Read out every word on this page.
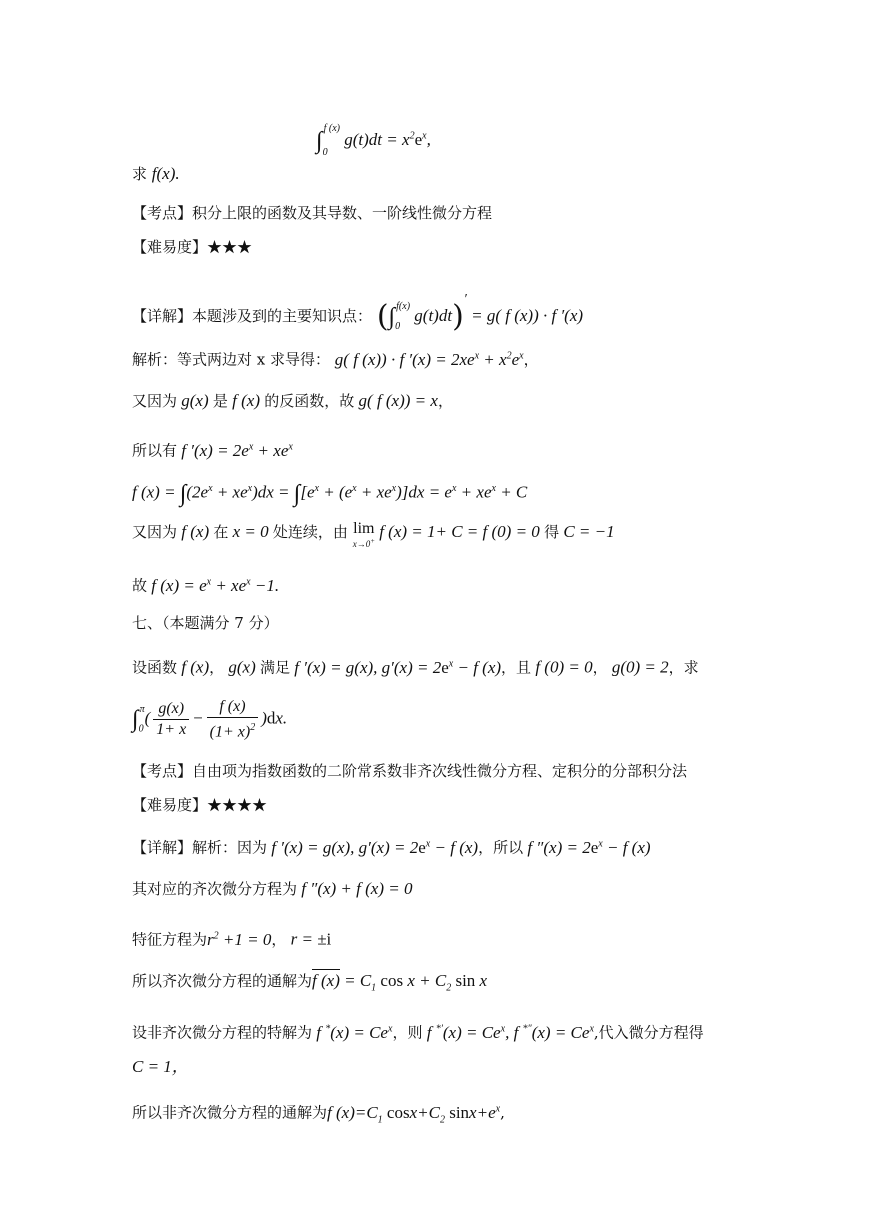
$\int_0^{f (x)}$ $g(t)dt = x^2e^x$,
求 f(x).
【考点】积分上限的函数及其导数、一阶线性微分方程
【难易度】★★★
【详解】本题涉及到的主要知识点： ($\int_0^{f(x)}$ g(t)dt)′ = g( f (x)) · f ′(x)
解析：等式两边对 x 求导得： g( f (x)) · f $'(x) = 2xe^x + x^2e^x$，
又因为 g(x) 是 f (x) 的反函数，故 g( f (x)) = x，
所以有 f $'(x) = 2e^x + xe^x$
f $(x) = \int(2e^x + xe^x)dx = \int[e^x + (e^x + xe^x)]dx = e^x + xe^x + C$
又因为 f (x) 在 x = 0 处连续，由 lim
x→0+ f (x) = 1+ C = f (0) = 0 得 C = −1
故 f $(x) = e^x + xe^x -1$.
七、（本题满分 7 分）
设函数 f (x)， g(x) 满足 f ′(x) = g(x), $g'(x) = 2e^x - f$ (x)，且 f (0) = 0， g(0) = 2，求
$\int_0^\pi( \frac{g(x)}{1+ x} - \frac{f (x)}{(1+ x)^2} )dx$.
【考点】自由项为指数函数的二阶常系数非齐次线性微分方程、定积分的分部积分法
【难易度】★★★★
【详解】解析：因为 f ′(x) = g(x), $g'(x) = 2e^x - f$ (x)，所以 f $''(x) = 2e^x - f$ (x)
其对应的齐次微分方程为 f ″(x) + f (x) = 0
特征方程为$r^2 +1 = 0$， r = ±i
所以齐次微分方程的通解为f $(x) = C_1$ $\cos x + C_2$ sin x
设非齐次微分方程的特解为 f $^*(x) = Ce^x$，则 f $^{*'}(x) = Ce^x$, f $^{*''}(x) = Ce^x$,代入微分方程得
C = 1，
所以非齐次微分方程的通解为f $(x)=C_1$ $\cos x+C_2$ $\sin x+e^x$,
